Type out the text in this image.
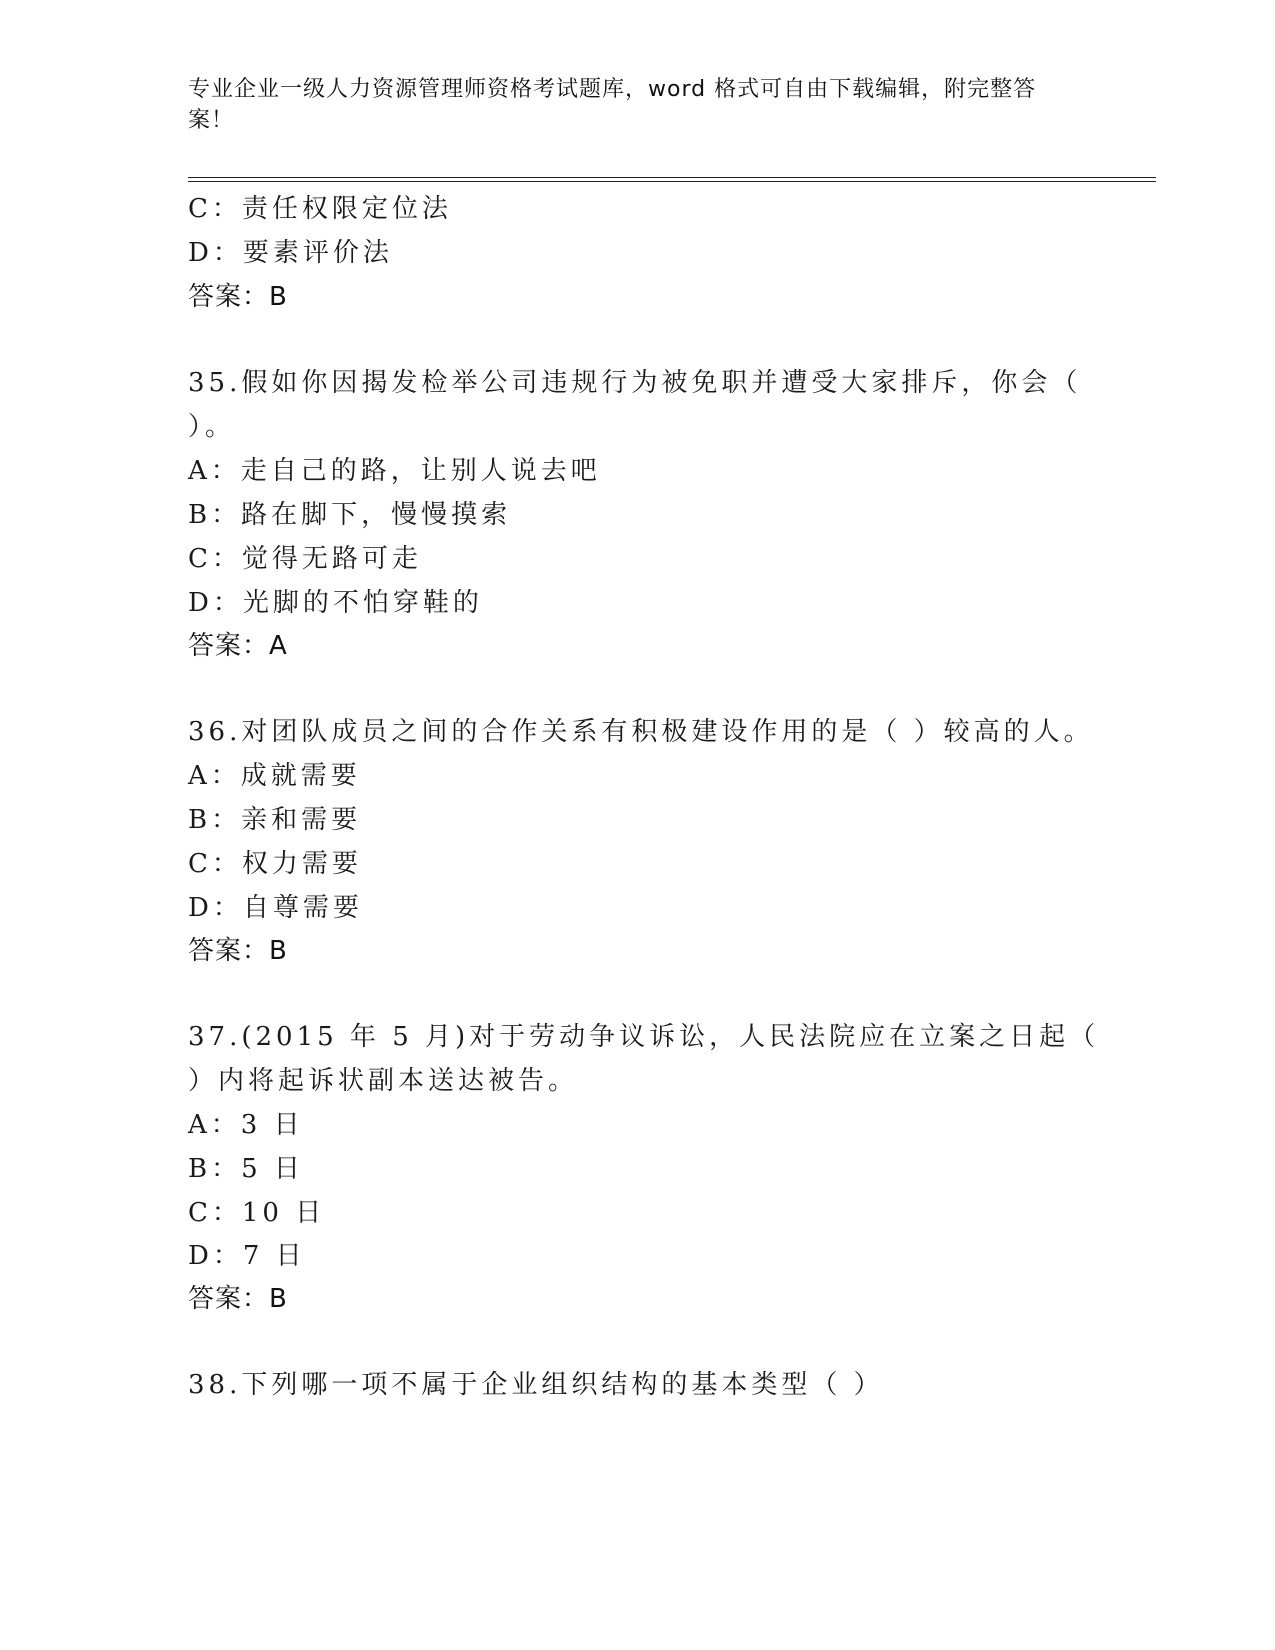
专业企业一级人力资源管理师资格考试题库，word 格式可自由下载编辑，附完整答案！
C：责任权限定位法
D：要素评价法
答案：B
35.假如你因揭发检举公司违规行为被免职并遭受大家排斥，你会（
）。
A：走自己的路，让别人说去吧
B：路在脚下，慢慢摸索
C：觉得无路可走
D：光脚的不怕穿鞋的
答案：A
36.对团队成员之间的合作关系有积极建设作用的是（ ）较高的人。
A：成就需要
B：亲和需要
C：权力需要
D：自尊需要
答案：B
37.(2015 年 5 月)对于劳动争议诉讼，人民法院应在立案之日起（
）内将起诉状副本送达被告。
A：3 日
B：5 日
C：10 日
D：7 日
答案：B
38.下列哪一项不属于企业组织结构的基本类型（ ）
